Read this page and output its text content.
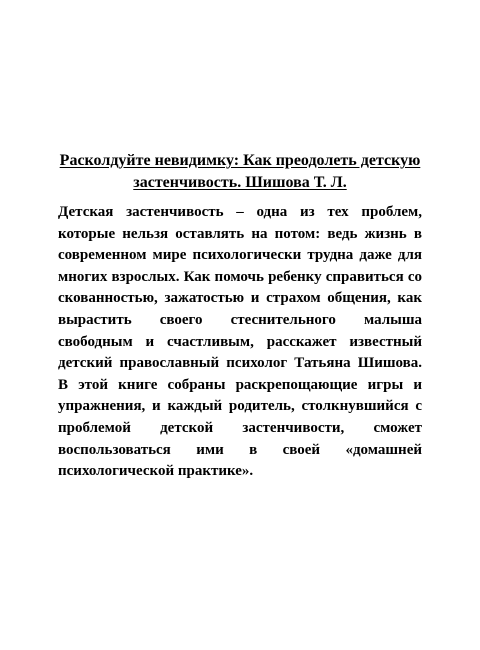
Расколдуйте невидимку: Как преодолеть детскую застенчивость. Шишова Т. Л.

Детская застенчивость – одна из тех проблем, которые нельзя оставлять на потом: ведь жизнь в современном мире психологически трудна даже для многих взрослых. Как помочь ребенку справиться со скованностью, зажатостью и страхом общения, как вырастить своего стеснительного малыша свободным и счастливым, расскажет известный детский православный психолог Татьяна Шишова. В этой книге собраны раскрепощающие игры и упражнения, и каждый родитель, столкнувшийся с проблемой детской застенчивости, сможет воспользоваться ими в своей «домашней психологической практике».
